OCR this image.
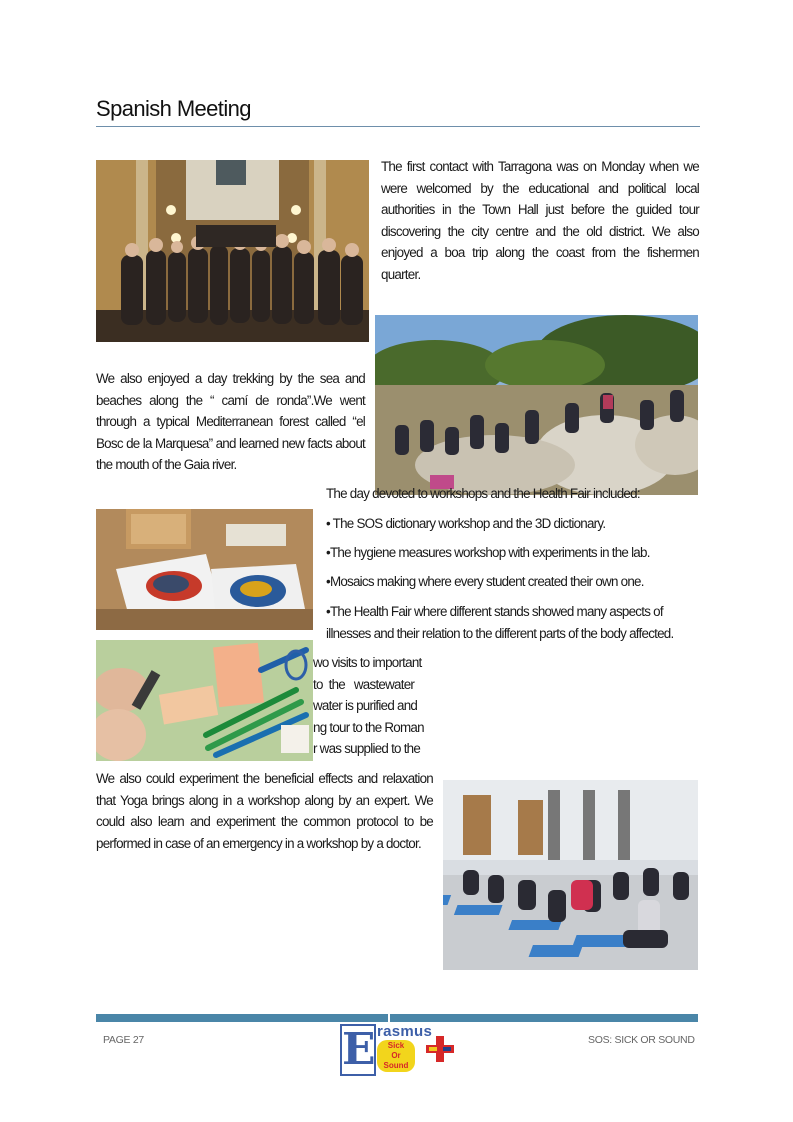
Spanish Meeting
The first contact with Tarragona was on Monday when we were welcomed by the educational and political local authorities in the Town Hall just before the guided tour discovering the city centre and the old district. We also enjoyed a boa trip along the coast from the fishermen quarter.
We also enjoyed a day trekking by the sea and beaches along the “ camí de ronda”.We went through a typical Mediterranean forest called “el Bosc de la Marquesa” and learned new facts about the mouth of the Gaia river.
The day devoted to workshops and the Health Fair included:
• The SOS dictionary workshop and the 3D dictionary.
•The hygiene measures workshop with experiments in the lab.
•Mosaics making where every student created their own one.
•The Health Fair where different stands showed many aspects of
illnesses and their relation to the different parts of the body affected.
wo visits to important
to  the   wastewater
water is purified and
ng tour to the Roman
r was supplied to the
We also could experiment the beneficial effects and relaxation that Yoga brings along in a workshop along by an expert. We could also learn and experiment the common protocol to be performed in case of an emergency in a workshop by a doctor.
PAGE 27	SOS: SICK OR SOUND
E rasmus
Sick
Or
Sound
